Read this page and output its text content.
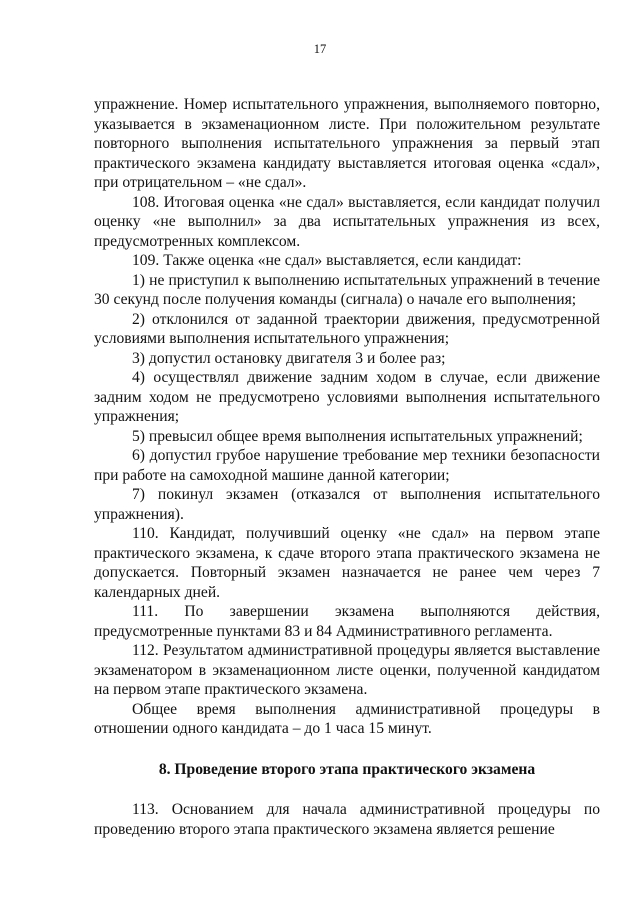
17

упражнение. Номер испытательного упражнения, выполняемого повторно, указывается в экзаменационном листе. При положительном результате повторного выполнения испытательного упражнения за первый этап практического экзамена кандидату выставляется итоговая оценка «сдал», при отрицательном – «не сдал».

108. Итоговая оценка «не сдал» выставляется, если кандидат получил оценку «не выполнил» за два испытательных упражнения из всех, предусмотренных комплексом.

109. Также оценка «не сдал» выставляется, если кандидат:

1) не приступил к выполнению испытательных упражнений в течение 30 секунд после получения команды (сигнала) о начале его выполнения;

2) отклонился от заданной траектории движения, предусмотренной условиями выполнения испытательного упражнения;

3) допустил остановку двигателя 3 и более раз;

4) осуществлял движение задним ходом в случае, если движение задним ходом не предусмотрено условиями выполнения испытательного упражнения;

5) превысил общее время выполнения испытательных упражнений;

6) допустил грубое нарушение требование мер техники безопасности при работе на самоходной машине данной категории;

7) покинул экзамен (отказался от выполнения испытательного упражнения).

110. Кандидат, получивший оценку «не сдал» на первом этапе практического экзамена, к сдаче второго этапа практического экзамена не допускается. Повторный экзамен назначается не ранее чем через 7 календарных дней.

111. По завершении экзамена выполняются действия, предусмотренные пунктами 83 и 84 Административного регламента.

112. Результатом административной процедуры является выставление экзаменатором в экзаменационном листе оценки, полученной кандидатом на первом этапе практического экзамена.

Общее время выполнения административной процедуры в отношении одного кандидата – до 1 часа 15 минут.

8. Проведение второго этапа практического экзамена

113. Основанием для начала административной процедуры по проведению второго этапа практического экзамена является решение
